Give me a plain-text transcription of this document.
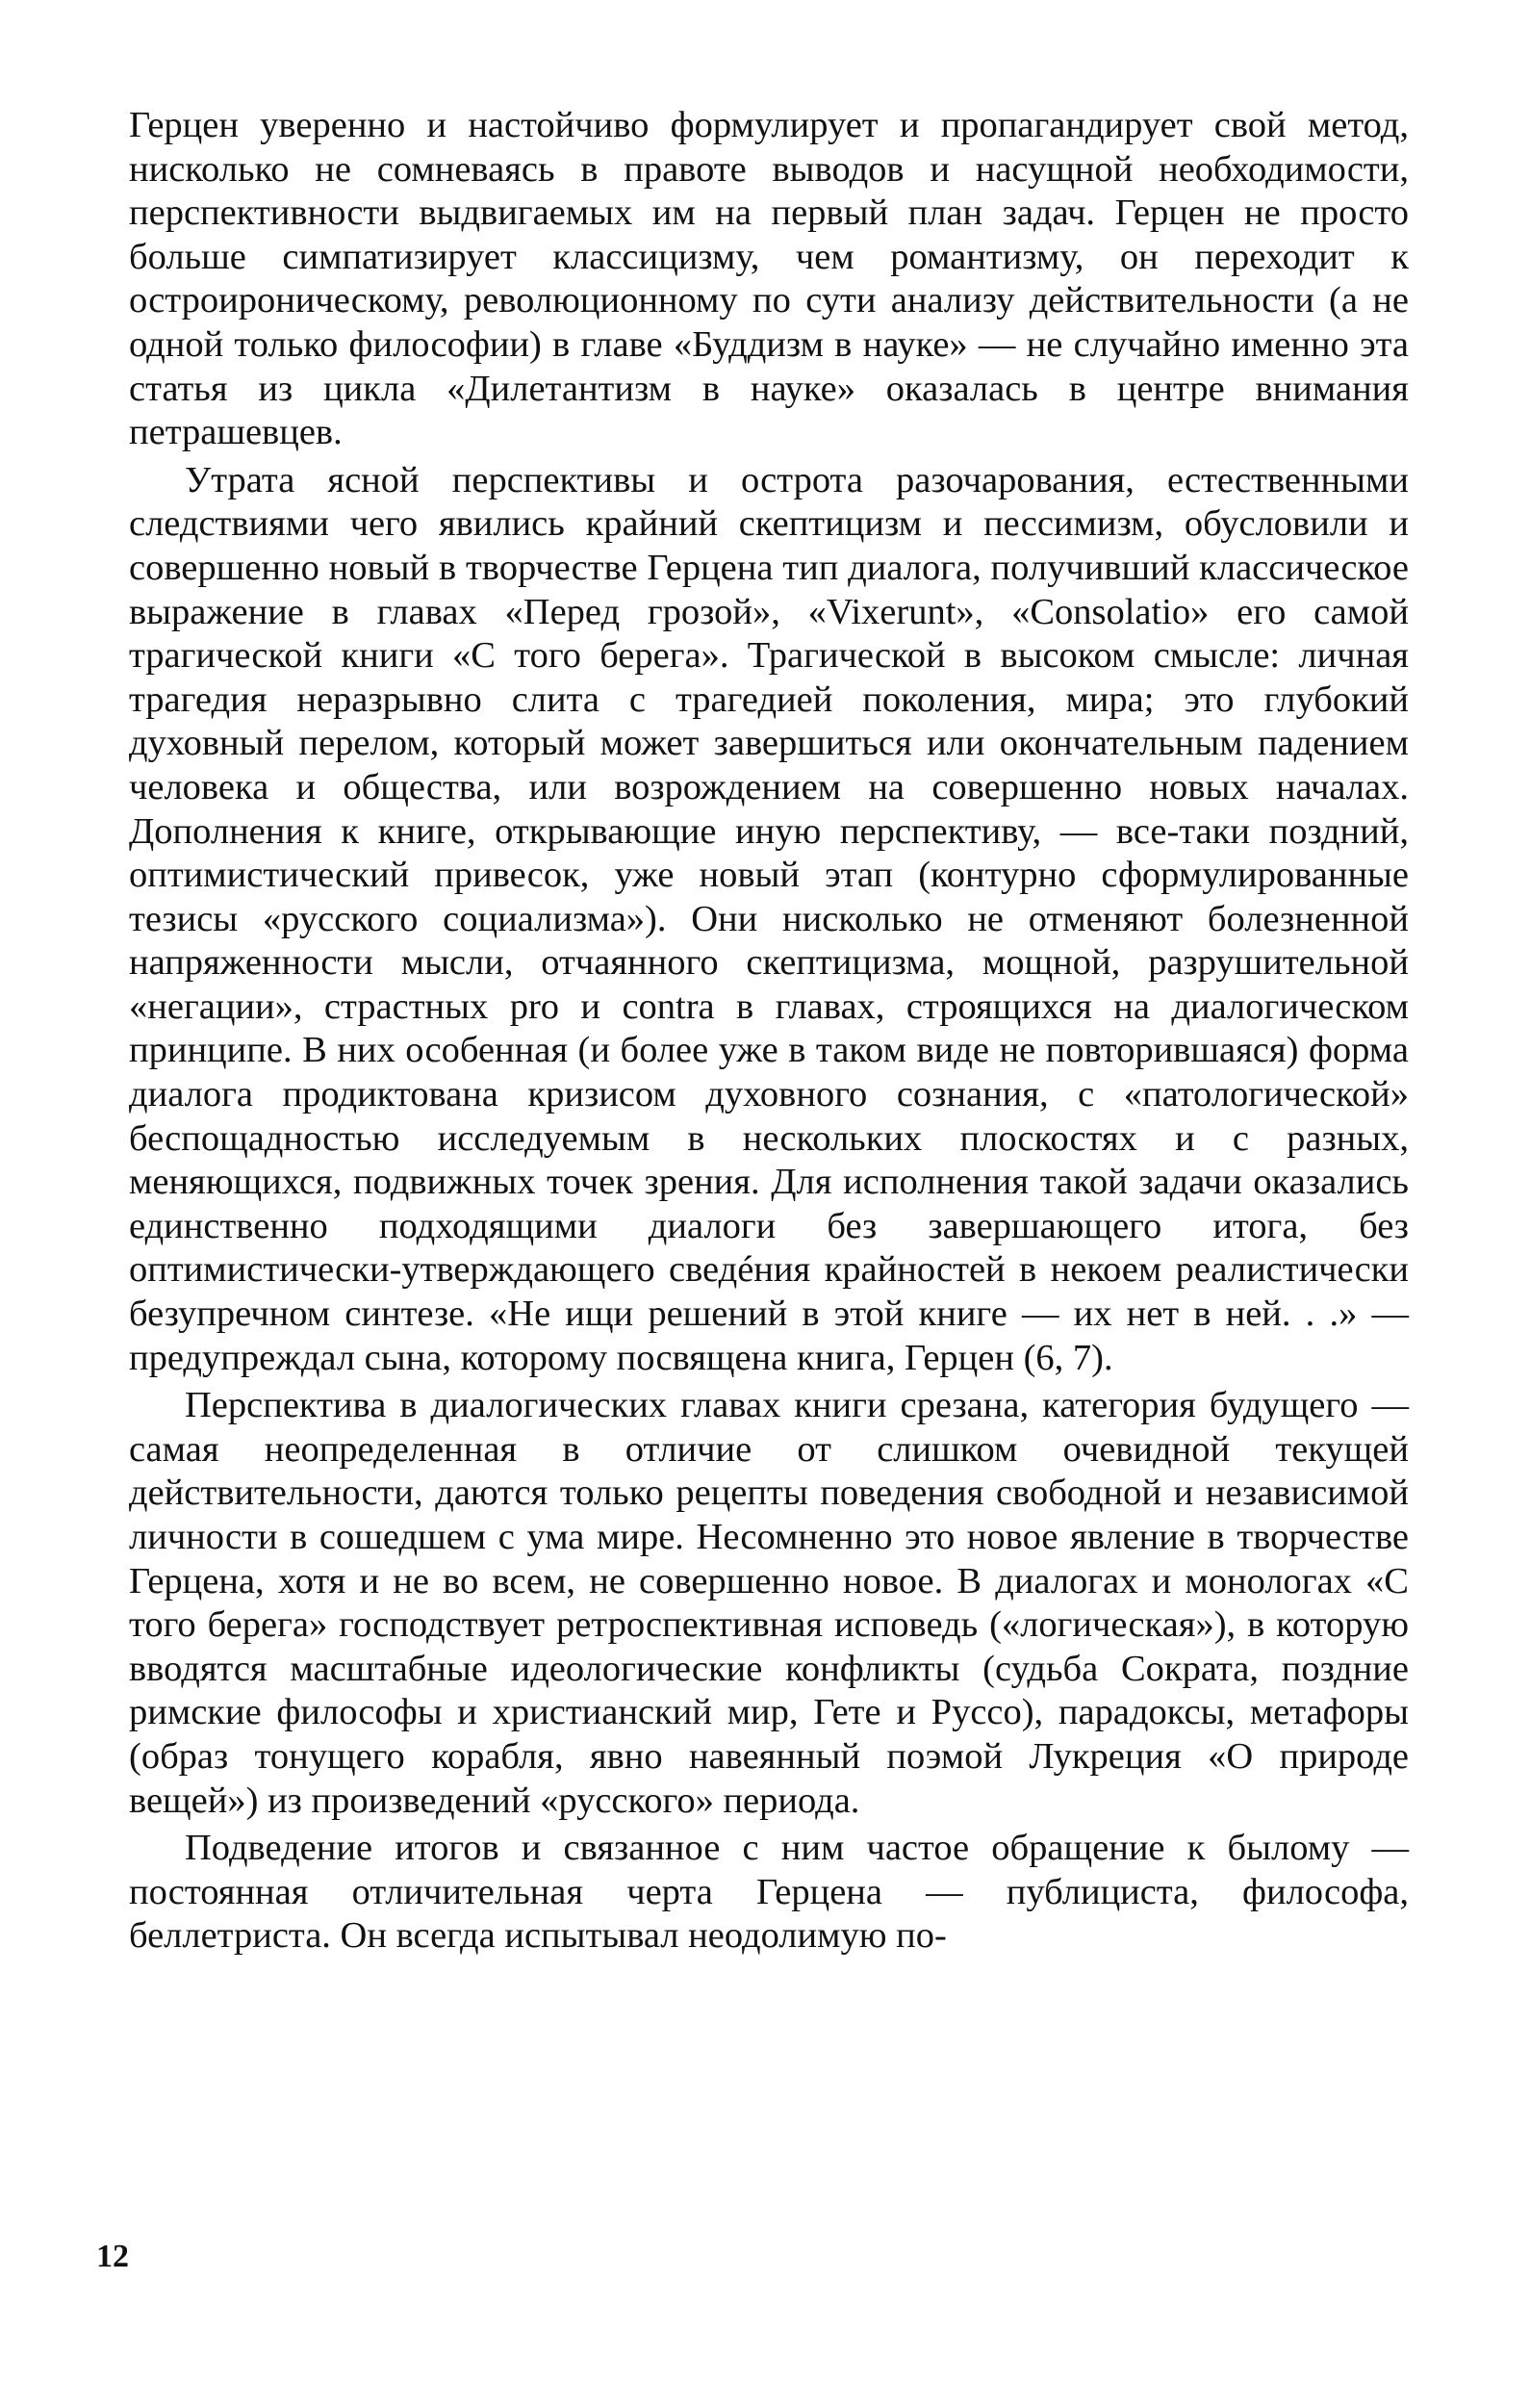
Герцен уверенно и настойчиво формулирует и пропагандирует свой метод, нисколько не сомневаясь в правоте выводов и насущной необходимости, перспективности выдвигаемых им на первый план задач. Герцен не просто больше симпатизирует классицизму, чем романтизму, он переходит к остроироническому, революционному по сути анализу действительности (а не одной только философии) в главе «Буддизм в науке» — не случайно именно эта статья из цикла «Дилетантизм в науке» оказалась в центре внимания петрашевцев.

Утрата ясной перспективы и острота разочарования, естественными следствиями чего явились крайний скептицизм и пессимизм, обусловили и совершенно новый в творчестве Герцена тип диалога, получивший классическое выражение в главах «Перед грозой», «Vixerunt», «Consolatio» его самой трагической книги «С того берега». Трагической в высоком смысле: личная трагедия неразрывно слита с трагедией поколения, мира; это глубокий духовный перелом, который может завершиться или окончательным падением человека и общества, или возрождением на совершенно новых началах. Дополнения к книге, открывающие иную перспективу, — все-таки поздний, оптимистический привесок, уже новый этап (контурно сформулированные тезисы «русского социализма»). Они нисколько не отменяют болезненной напряженности мысли, отчаянного скептицизма, мощной, разрушительной «негации», страстных pro и contra в главах, строящихся на диалогическом принципе. В них особенная (и более уже в таком виде не повторившаяся) форма диалога продиктована кризисом духовного сознания, с «патологической» беспощадностью исследуемым в нескольких плоскостях и с разных, меняющихся, подвижных точек зрения. Для исполнения такой задачи оказались единственно подходящими диалоги без завершающего итога, без оптимистически-утверждающего сведéния крайностей в некоем реалистически безупречном синтезе. «Не ищи решений в этой книге — их нет в ней. . .» — предупреждал сына, которому посвящена книга, Герцен (6, 7).

Перспектива в диалогических главах книги срезана, категория будущего — самая неопределенная в отличие от слишком очевидной текущей действительности, даются только рецепты поведения свободной и независимой личности в сошедшем с ума мире. Несомненно это новое явление в творчестве Герцена, хотя и не во всем, не совершенно новое. В диалогах и монологах «С того берега» господствует ретроспективная исповедь («логическая»), в которую вводятся масштабные идеологические конфликты (судьба Сократа, поздние римские философы и христианский мир, Гете и Руссо), парадоксы, метафоры (образ тонущего корабля, явно навеянный поэмой Лукреция «О природе вещей») из произведений «русского» периода.

Подведение итогов и связанное с ним частое обращение к былому — постоянная отличительная черта Герцена — публициста, философа, беллетриста. Он всегда испытывал неодолимую по-

12
